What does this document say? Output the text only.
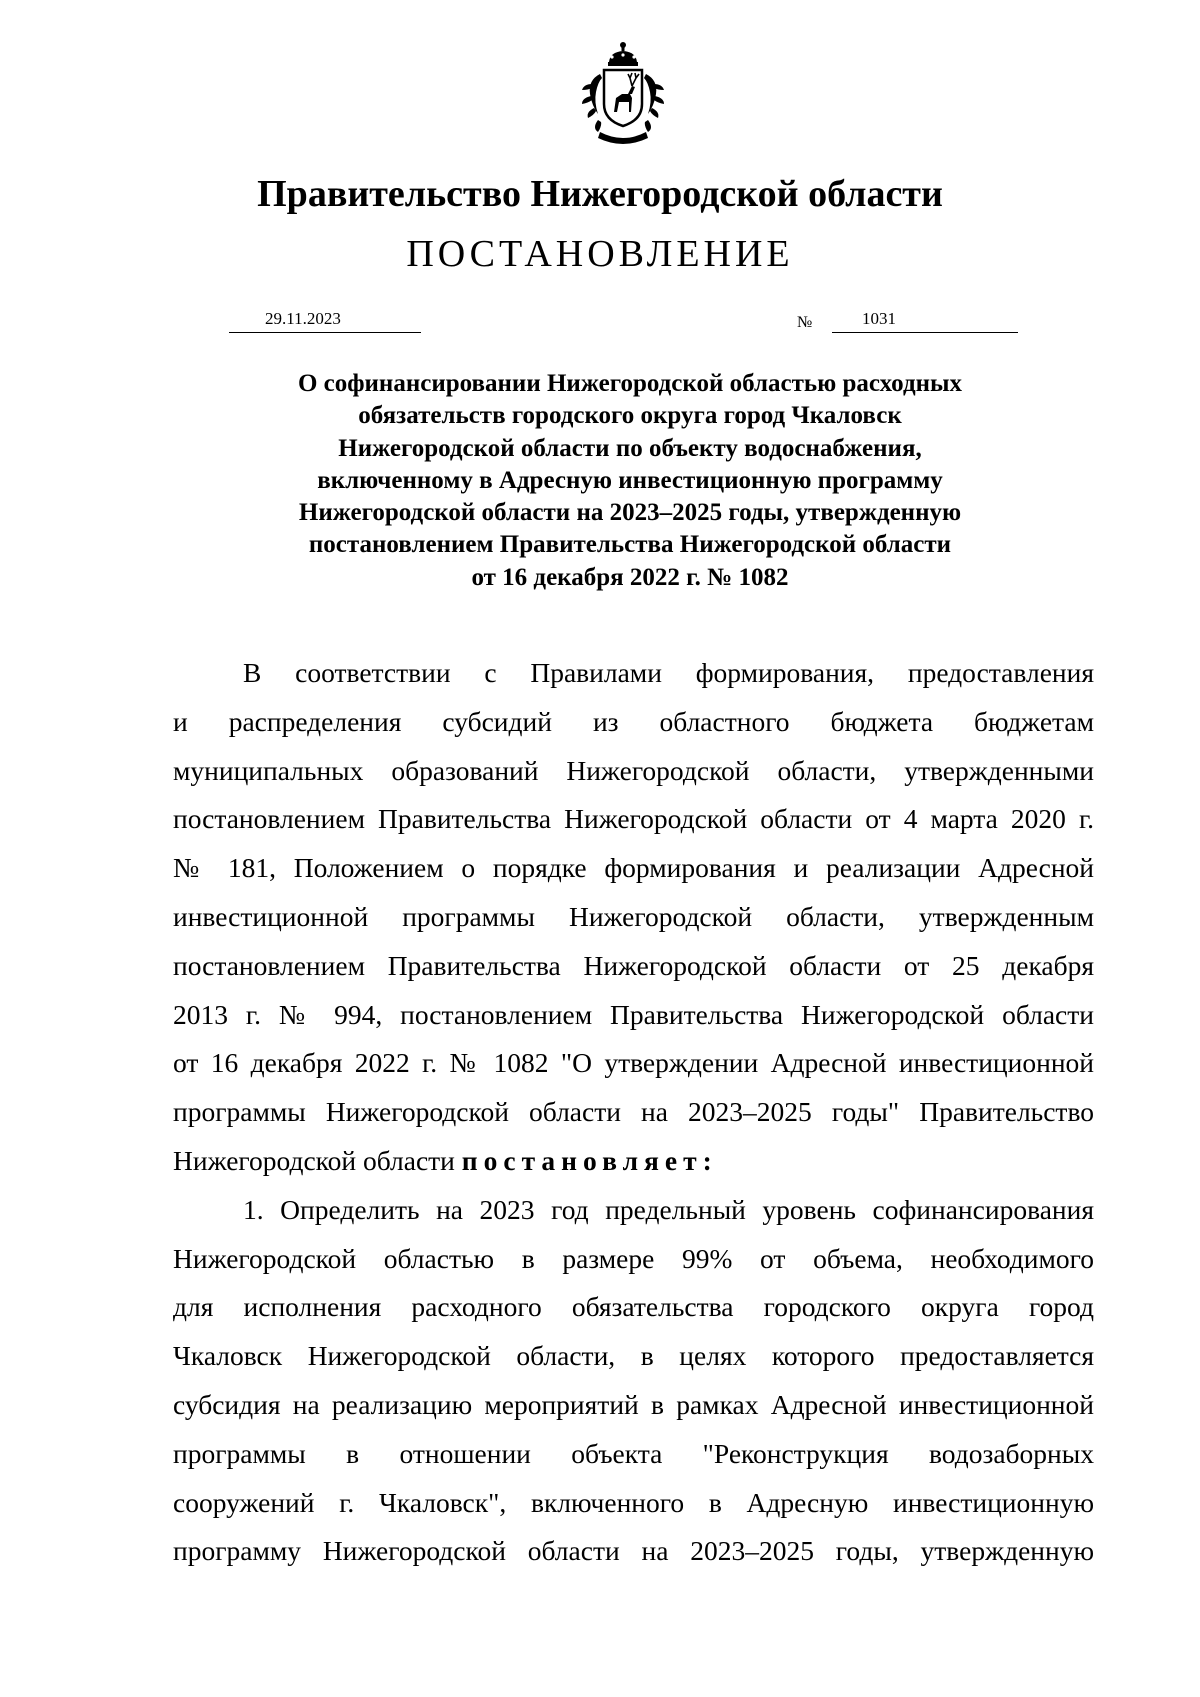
Правительство Нижегородской области
ПОСТАНОВЛЕНИЕ
29.11.2023	№	1031
О софинансировании Нижегородской областью расходных
обязательств городского округа город Чкаловск
Нижегородской области по объекту водоснабжения,
включенному в Адресную инвестиционную программу
Нижегородской области на 2023–2025 годы, утвержденную
постановлением Правительства Нижегородской области
от 16 декабря 2022 г. № 1082
В соответствии с Правилами формирования, предоставления
и распределения субсидий из областного бюджета бюджетам
муниципальных образований Нижегородской области, утвержденными
постановлением Правительства Нижегородской области от 4 марта 2020 г.
№ 181, Положением о порядке формирования и реализации Адресной
инвестиционной программы Нижегородской области, утвержденным
постановлением Правительства Нижегородской области от 25 декабря
2013 г. № 994, постановлением Правительства Нижегородской области
от 16 декабря 2022 г. № 1082 "О утверждении Адресной инвестиционной
программы Нижегородской области на 2023–2025 годы" Правительство
Нижегородской области постановляет:
1. Определить на 2023 год предельный уровень софинансирования
Нижегородской областью в размере 99% от объема, необходимого
для исполнения расходного обязательства городского округа город
Чкаловск Нижегородской области, в целях которого предоставляется
субсидия на реализацию мероприятий в рамках Адресной инвестиционной
программы в отношении объекта "Реконструкция водозаборных
сооружений г. Чкаловск", включенного в Адресную инвестиционную
программу Нижегородской области на 2023–2025 годы, утвержденную
